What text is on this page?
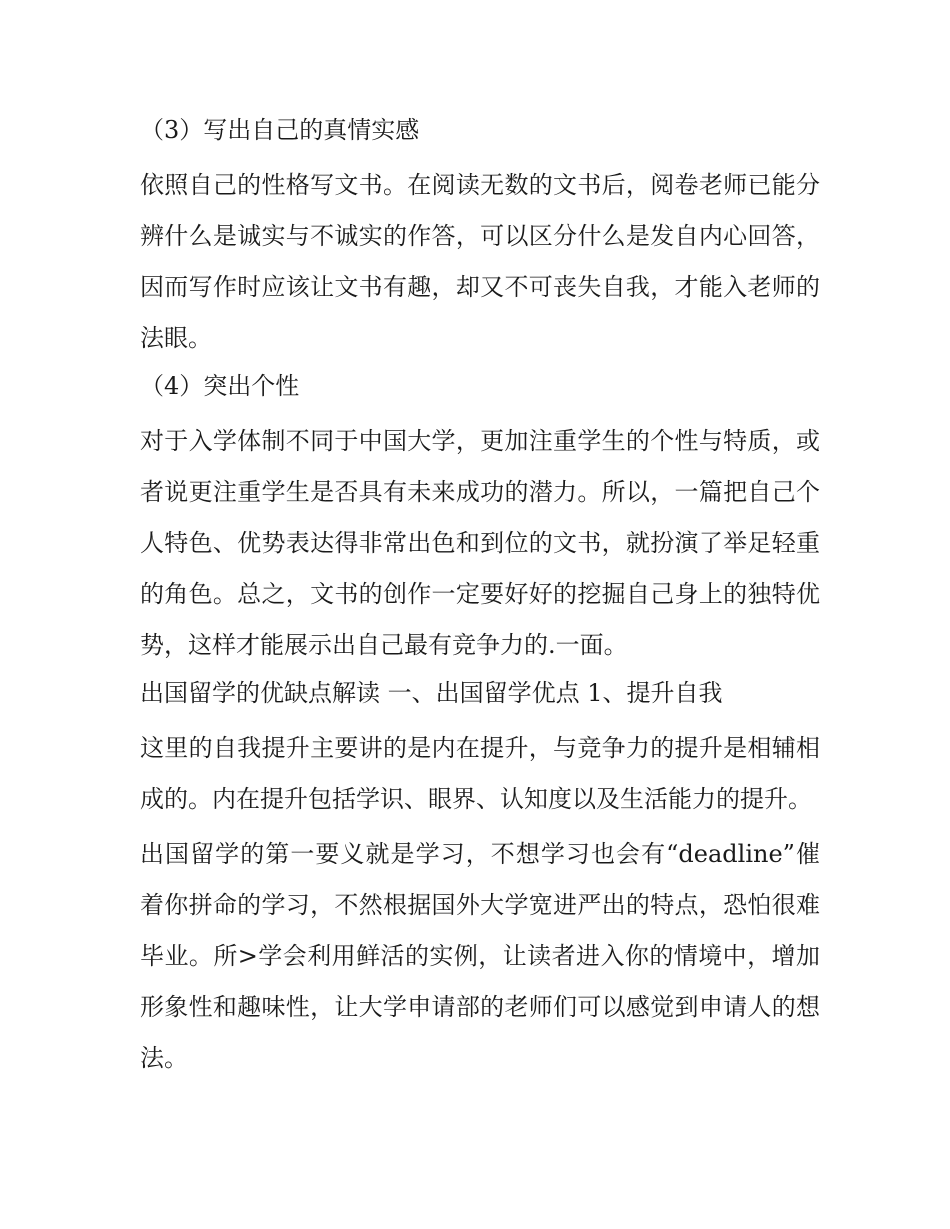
（3）写出自己的真情实感

依照自己的性格写文书。在阅读无数的文书后，阅卷老师已能分辨什么是诚实与不诚实的作答，可以区分什么是发自内心回答，因而写作时应该让文书有趣，却又不可丧失自我，才能入老师的法眼。

（4）突出个性

对于入学体制不同于中国大学，更加注重学生的个性与特质，或者说更注重学生是否具有未来成功的潜力。所以，一篇把自己个人特色、优势表达得非常出色和到位的文书，就扮演了举足轻重的角色。总之，文书的创作一定要好好的挖掘自己身上的独特优势，这样才能展示出自己最有竞争力的.一面。

出国留学的优缺点解读 一、出国留学优点 1、提升自我

这里的自我提升主要讲的是内在提升，与竞争力的提升是相辅相成的。内在提升包括学识、眼界、认知度以及生活能力的提升。

出国留学的第一要义就是学习，不想学习也会有“deadline”催着你拼命的学习，不然根据国外大学宽进严出的特点，恐怕很难毕业。所>学会利用鲜活的实例，让读者进入你的情境中，增加形象性和趣味性，让大学申请部的老师们可以感觉到申请人的想法。
